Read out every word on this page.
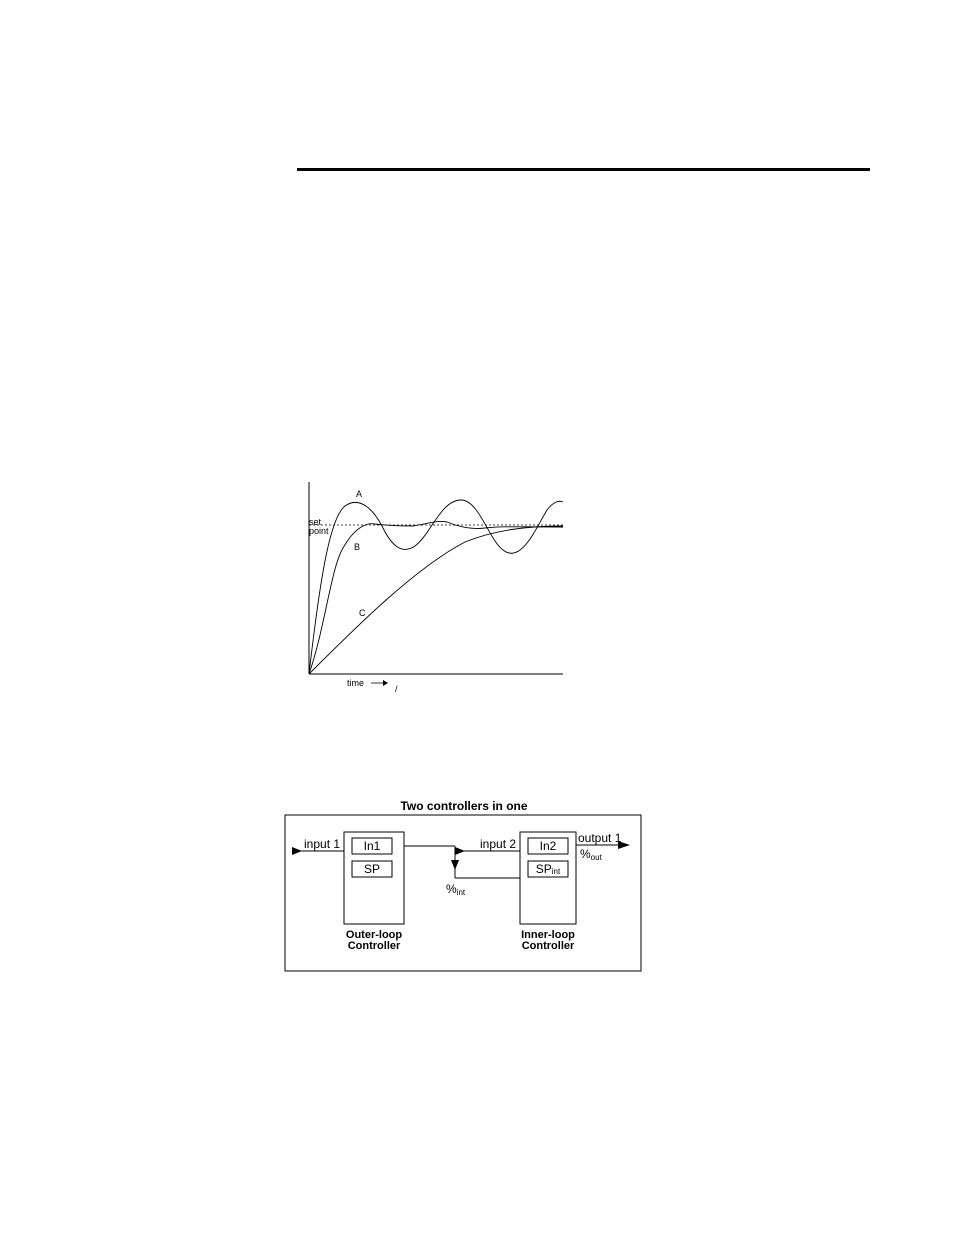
A
B
C
set
point
time
/
Two controllers in one
input 1 In1
SP
Outer-loop
Controller
%int
input 2 In2
SPint
Inner-loop
Controller
output 1
%out
